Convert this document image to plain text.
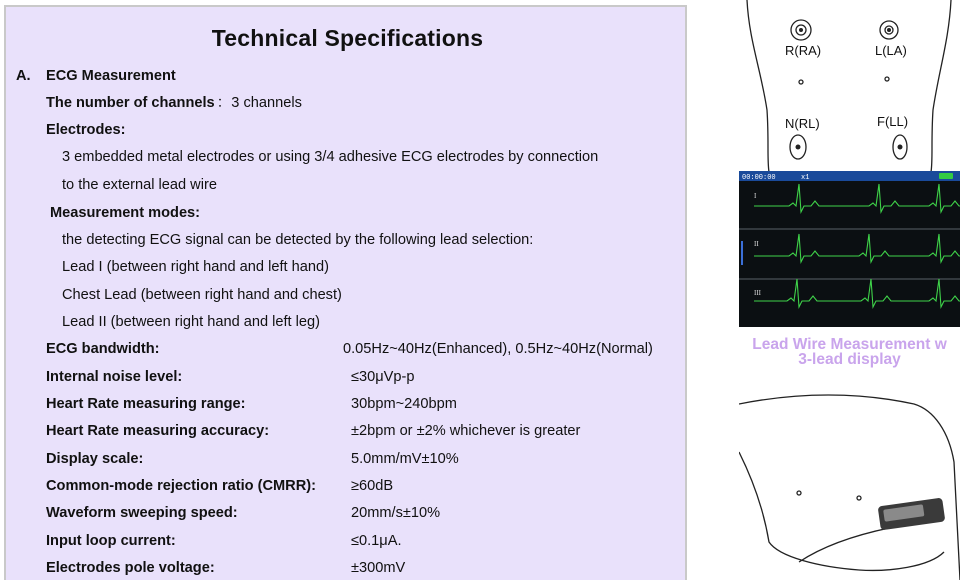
Technical Specifications
A. ECG Measurement
The number of channels ：3 channels
Electrodes:
3 embedded metal electrodes or using 3/4 adhesive ECG electrodes by connection
to the external lead wire
Measurement modes:
the detecting ECG signal can be detected by the following lead selection:
Lead I (between right hand and left hand)
Chest Lead (between right hand and chest)
Lead II (between right hand and left leg)
ECG bandwidth:	0.05Hz~40Hz(Enhanced), 0.5Hz~40Hz(Normal)
Internal noise level:	≤30μVp-p
Heart Rate measuring range:	30bpm~240bpm
Heart Rate measuring accuracy:	±2bpm or ±2% whichever is greater
Display scale:	5.0mm/mV±10%
Common-mode rejection ratio (CMRR): ≥60dB
Waveform sweeping speed:	20mm/s±10%
Input loop current:	≤0.1μA.
Electrodes pole voltage:	±300mV
R(RA)	L(LA)
N(RL)	F(LL)
00:00:00	x1
I
II
III
Lead Wire Measurement w
3-lead display
